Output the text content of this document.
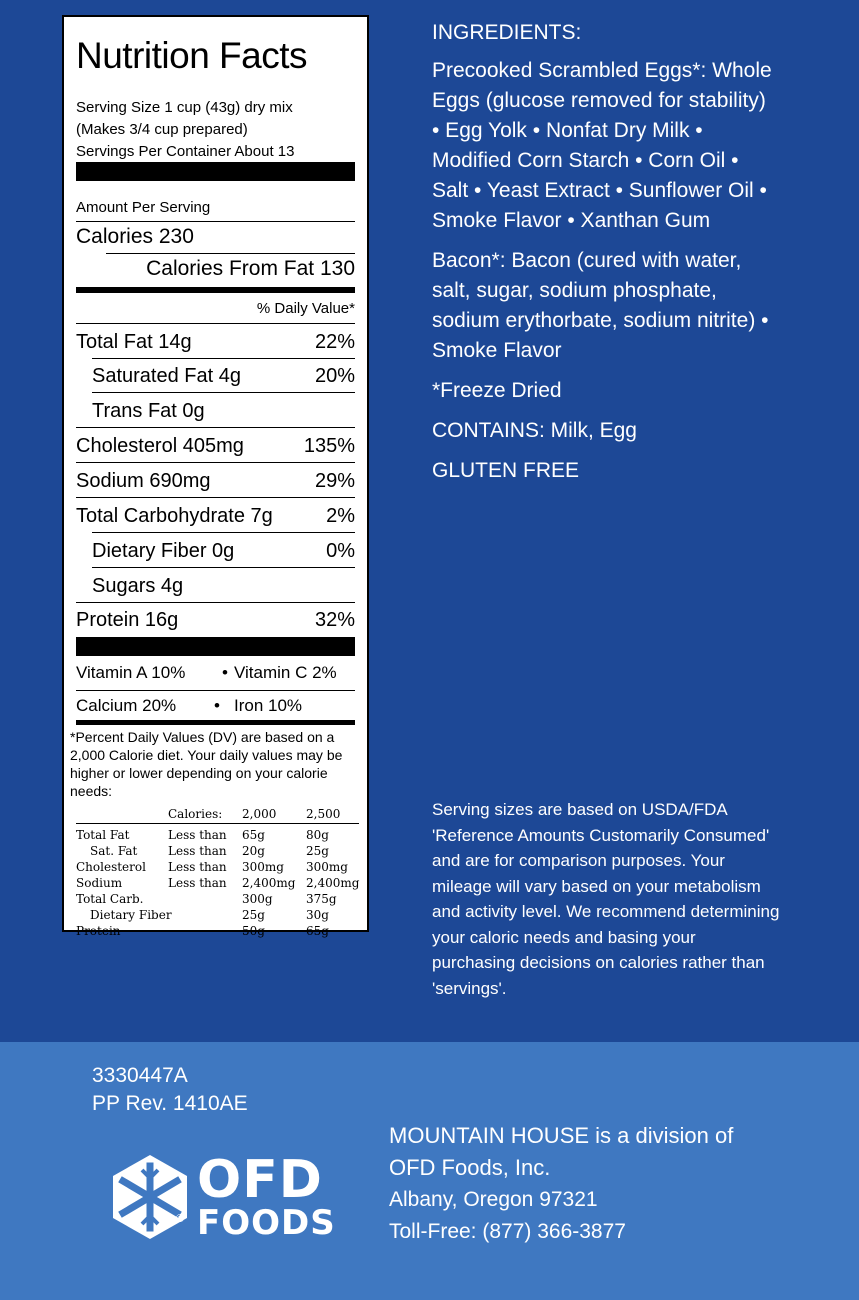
Nutrition Facts
Serving Size 1 cup (43g) dry mix
(Makes 3/4 cup prepared)
Servings Per Container About 13
Amount Per Serving
Calories 230
Calories From Fat 130
% Daily Value*
Total Fat 14g	22%
Saturated Fat 4g	20%
Trans Fat 0g
Cholesterol 405mg	135%
Sodium 690mg	29%
Total Carbohydrate 7g	2%
Dietary Fiber 0g	0%
Sugars 4g
Protein 16g	32%
Vitamin A 10% • Vitamin C 2%
Calcium 20% • Iron 10%
*Percent Daily Values (DV) are based on a 2,000 Calorie diet. Your daily values may be higher or lower depending on your calorie needs:
Calories: 2,000 2,500
Total Fat	Less than 65g	80g
Sat. Fat	Less than 20g	25g
Cholesterol Less than 300mg 300mg
Sodium	Less than 2,400mg 2,400mg
Total Carb.	300g	375g
Dietary Fiber	25g	30g
Protein	50g	65g

INGREDIENTS:

Precooked Scrambled Eggs*: Whole Eggs (glucose removed for stability) • Egg Yolk • Nonfat Dry Milk • Modified Corn Starch • Corn Oil • Salt • Yeast Extract • Sunflower Oil • Smoke Flavor • Xanthan Gum

Bacon*: Bacon (cured with water, salt, sugar, sodium phosphate, sodium erythorbate, sodium nitrite) • Smoke Flavor

*Freeze Dried

CONTAINS: Milk, Egg

GLUTEN FREE

Serving sizes are based on USDA/FDA 'Reference Amounts Customarily Consumed' and are for comparison purposes. Your mileage will vary based on your metabolism and activity level. We recommend determining your caloric needs and basing your purchasing decisions on calories rather than 'servings'.
3330447A
PP Rev. 1410AE
MOUNTAIN HOUSE is a division of
OFD Foods, Inc.
Albany, Oregon 97321
Toll-Free: (877) 366-3877
®
OFD
FOODS
